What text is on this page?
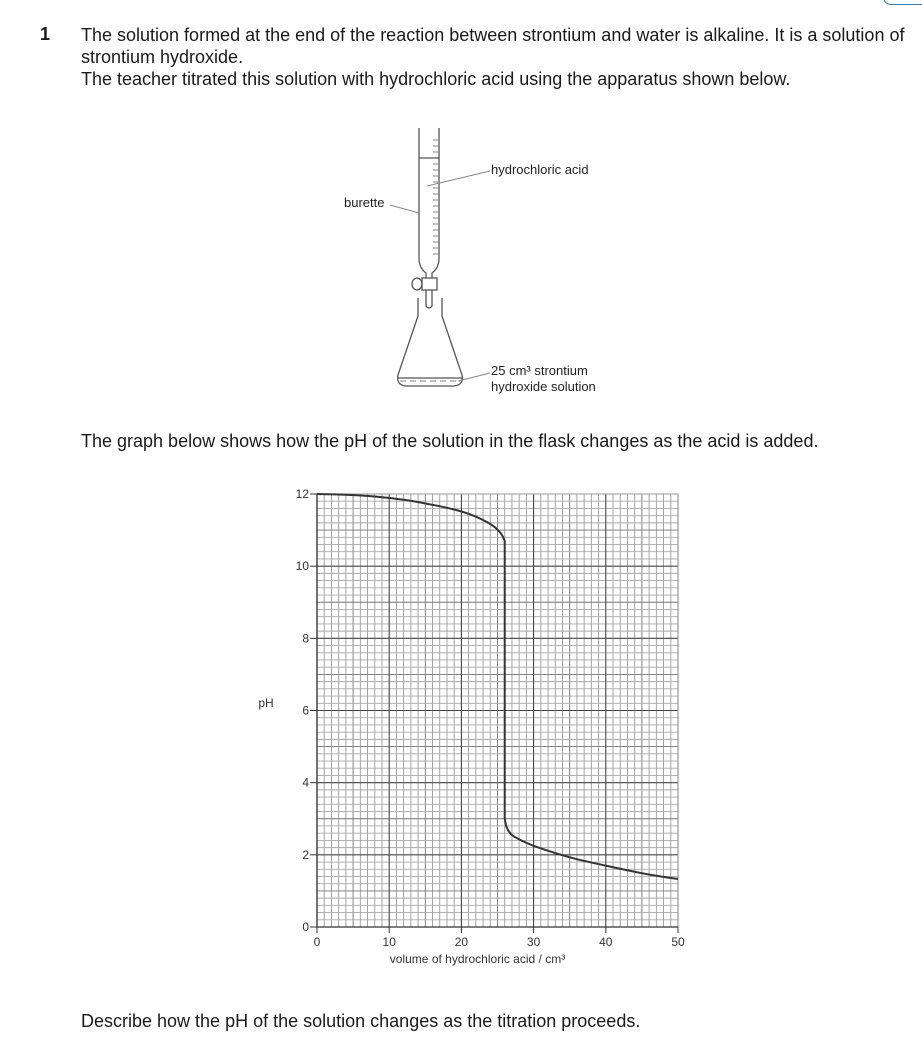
1 The solution formed at the end of the reaction between strontium and water is alkaline. It is a solution of strontium hydroxide.

The teacher titrated this solution with hydrochloric acid using the apparatus shown below.

burette
hydrochloric acid
25 cm³ strontium
hydroxide solution
The graph below shows how the pH of the solution in the flask changes as the acid is added.
0	10	20	30	40	50
0
2
4
6
8
10
12
volume of hydrochloric acid / cm³
pH
Describe how the pH of the solution changes as the titration proceeds.
